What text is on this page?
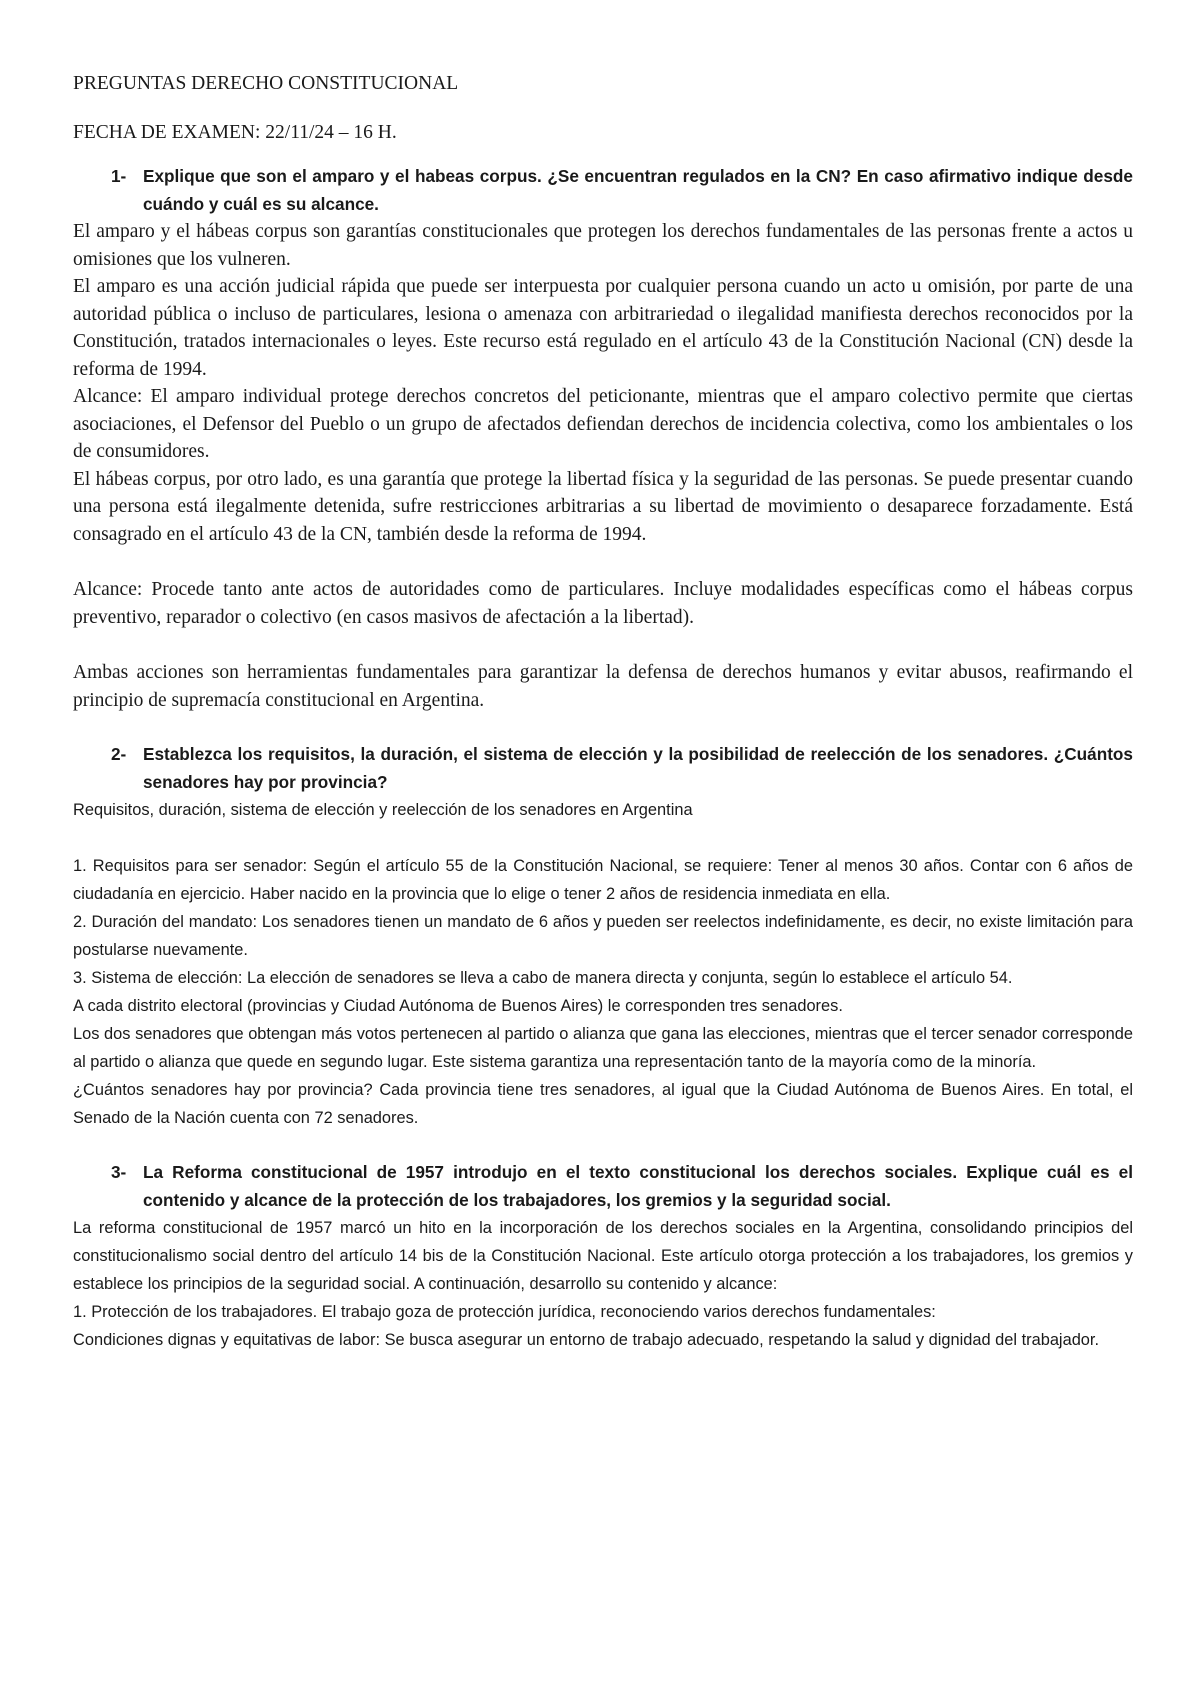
PREGUNTAS DERECHO CONSTITUCIONAL

FECHA DE EXAMEN: 22/11/24 – 16 H.

1- Explique que son el amparo y el habeas corpus. ¿Se encuentran regulados en la CN? En caso afirmativo indique desde cuándo y cuál es su alcance.

El amparo y el hábeas corpus son garantías constitucionales que protegen los derechos fundamentales de las personas frente a actos u omisiones que los vulneren.

El amparo es una acción judicial rápida que puede ser interpuesta por cualquier persona cuando un acto u omisión, por parte de una autoridad pública o incluso de particulares, lesiona o amenaza con arbitrariedad o ilegalidad manifiesta derechos reconocidos por la Constitución, tratados internacionales o leyes. Este recurso está regulado en el artículo 43 de la Constitución Nacional (CN) desde la reforma de 1994.

Alcance: El amparo individual protege derechos concretos del peticionante, mientras que el amparo colectivo permite que ciertas asociaciones, el Defensor del Pueblo o un grupo de afectados defiendan derechos de incidencia colectiva, como los ambientales o los de consumidores.

El hábeas corpus, por otro lado, es una garantía que protege la libertad física y la seguridad de las personas. Se puede presentar cuando una persona está ilegalmente detenida, sufre restricciones arbitrarias a su libertad de movimiento o desaparece forzadamente. Está consagrado en el artículo 43 de la CN, también desde la reforma de 1994.

Alcance: Procede tanto ante actos de autoridades como de particulares. Incluye modalidades específicas como el hábeas corpus preventivo, reparador o colectivo (en casos masivos de afectación a la libertad).

Ambas acciones son herramientas fundamentales para garantizar la defensa de derechos humanos y evitar abusos, reafirmando el principio de supremacía constitucional en Argentina.

2- Establezca los requisitos, la duración, el sistema de elección y la posibilidad de reelección de los senadores. ¿Cuántos senadores hay por provincia?

Requisitos, duración, sistema de elección y reelección de los senadores en Argentina

1. Requisitos para ser senador: Según el artículo 55 de la Constitución Nacional, se requiere: Tener al menos 30 años. Contar con 6 años de ciudadanía en ejercicio. Haber nacido en la provincia que lo elige o tener 2 años de residencia inmediata en ella.

2. Duración del mandato: Los senadores tienen un mandato de 6 años y pueden ser reelectos indefinidamente, es decir, no existe limitación para postularse nuevamente.

3. Sistema de elección: La elección de senadores se lleva a cabo de manera directa y conjunta, según lo establece el artículo 54.

A cada distrito electoral (provincias y Ciudad Autónoma de Buenos Aires) le corresponden tres senadores.

Los dos senadores que obtengan más votos pertenecen al partido o alianza que gana las elecciones, mientras que el tercer senador corresponde al partido o alianza que quede en segundo lugar. Este sistema garantiza una representación tanto de la mayoría como de la minoría.

¿Cuántos senadores hay por provincia? Cada provincia tiene tres senadores, al igual que la Ciudad Autónoma de Buenos Aires. En total, el Senado de la Nación cuenta con 72 senadores.

3- La Reforma constitucional de 1957 introdujo en el texto constitucional los derechos sociales. Explique cuál es el contenido y alcance de la protección de los trabajadores, los gremios y la seguridad social.

La reforma constitucional de 1957 marcó un hito en la incorporación de los derechos sociales en la Argentina, consolidando principios del constitucionalismo social dentro del artículo 14 bis de la Constitución Nacional. Este artículo otorga protección a los trabajadores, los gremios y establece los principios de la seguridad social. A continuación, desarrollo su contenido y alcance:

1. Protección de los trabajadores. El trabajo goza de protección jurídica, reconociendo varios derechos fundamentales:

Condiciones dignas y equitativas de labor: Se busca asegurar un entorno de trabajo adecuado, respetando la salud y dignidad del trabajador.
